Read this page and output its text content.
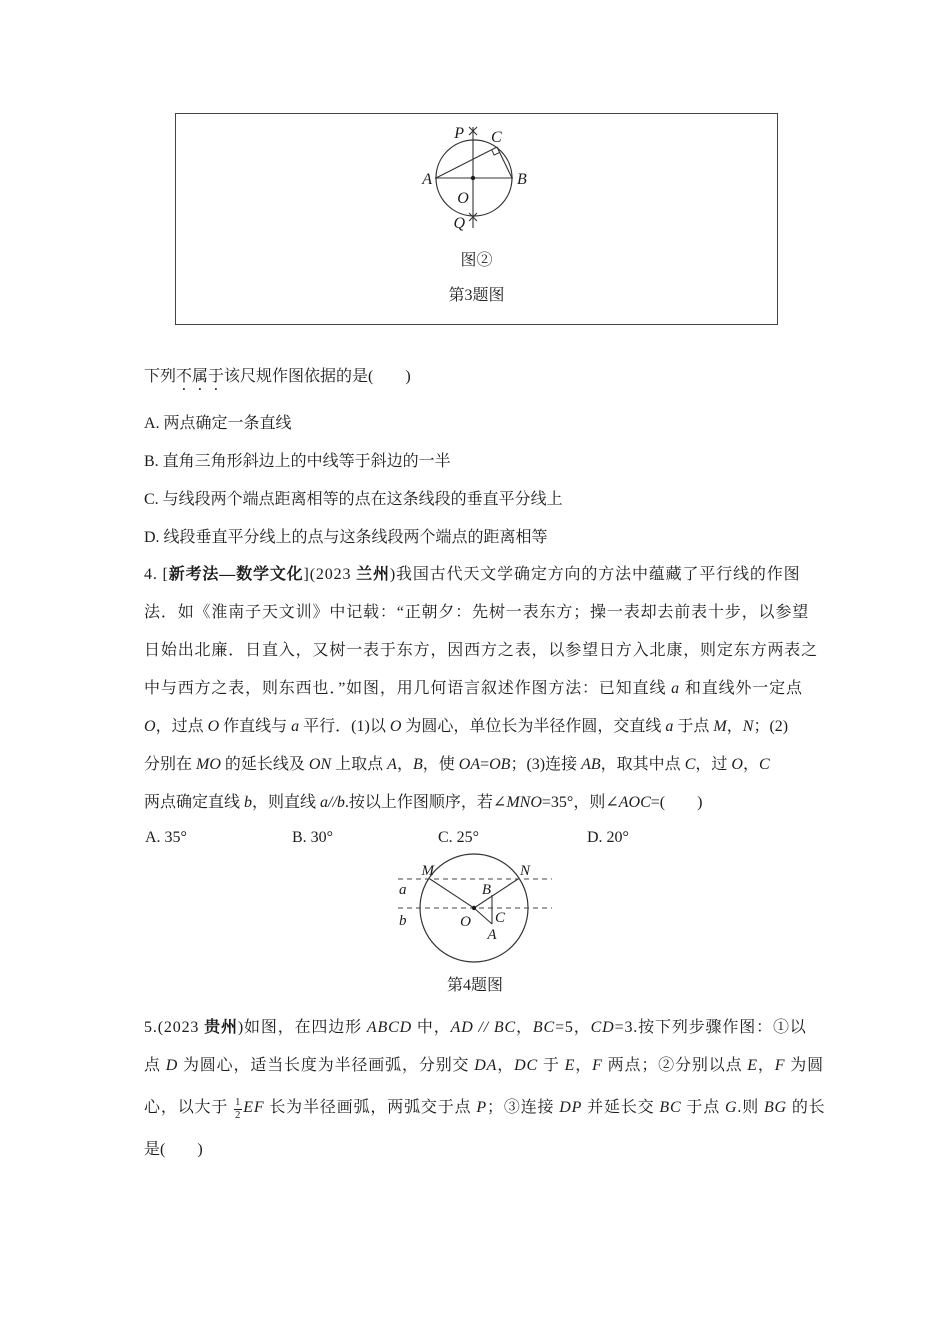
P C
A	B
O
Q
图②
第3题图
下列不属于该尺规作图依据的是(　　)
A. 两点确定一条直线
B. 直角三角形斜边上的中线等于斜边的一半
C. 与线段两个端点距离相等的点在这条线段的垂直平分线上
D. 线段垂直平分线上的点与这条线段两个端点的距离相等
4. [新考法—数学文化](2023 兰州)我国古代天文学确定方向的方法中蕴藏了平行线的作图
法．如《淮南子天文训》中记载：“正朝夕：先树一表东方；操一表却去前表十步，以参望
日始出北廉．日直入，又树一表于东方，因西方之表，以参望日方入北康，则定东方两表之
中与西方之表，则东西也．”如图，用几何语言叙述作图方法：已知直线 a 和直线外一定点
O，过点 O 作直线与 a 平行．(1)以 O 为圆心，单位长为半径作圆，交直线 a 于点 M，N；(2)
分别在 MO 的延长线及 ON 上取点 A，B，使 OA=OB；(3)连接 AB，取其中点 C，过 O，C
两点确定直线 b，则直线 a//b.按以上作图顺序，若∠MNO=35°，则∠AOC=(　　)
A. 35°	B. 30°	C. 25°	D. 20°
M	N
a
b
B
O C
A
第4题图
5.(2023 贵州)如图，在四边形 ABCD 中，AD // BC，BC=5，CD=3.按下列步骤作图：①以
点 D 为圆心，适当长度为半径画弧，分别交 DA，DC 于 E，F 两点；②分别以点 E，F 为圆
心，以大于 $\frac{1}{2}$ EF 长为半径画弧，两弧交于点 P；③连接 DP 并延长交 BC 于点 G.则 BG 的长
是(　　)
